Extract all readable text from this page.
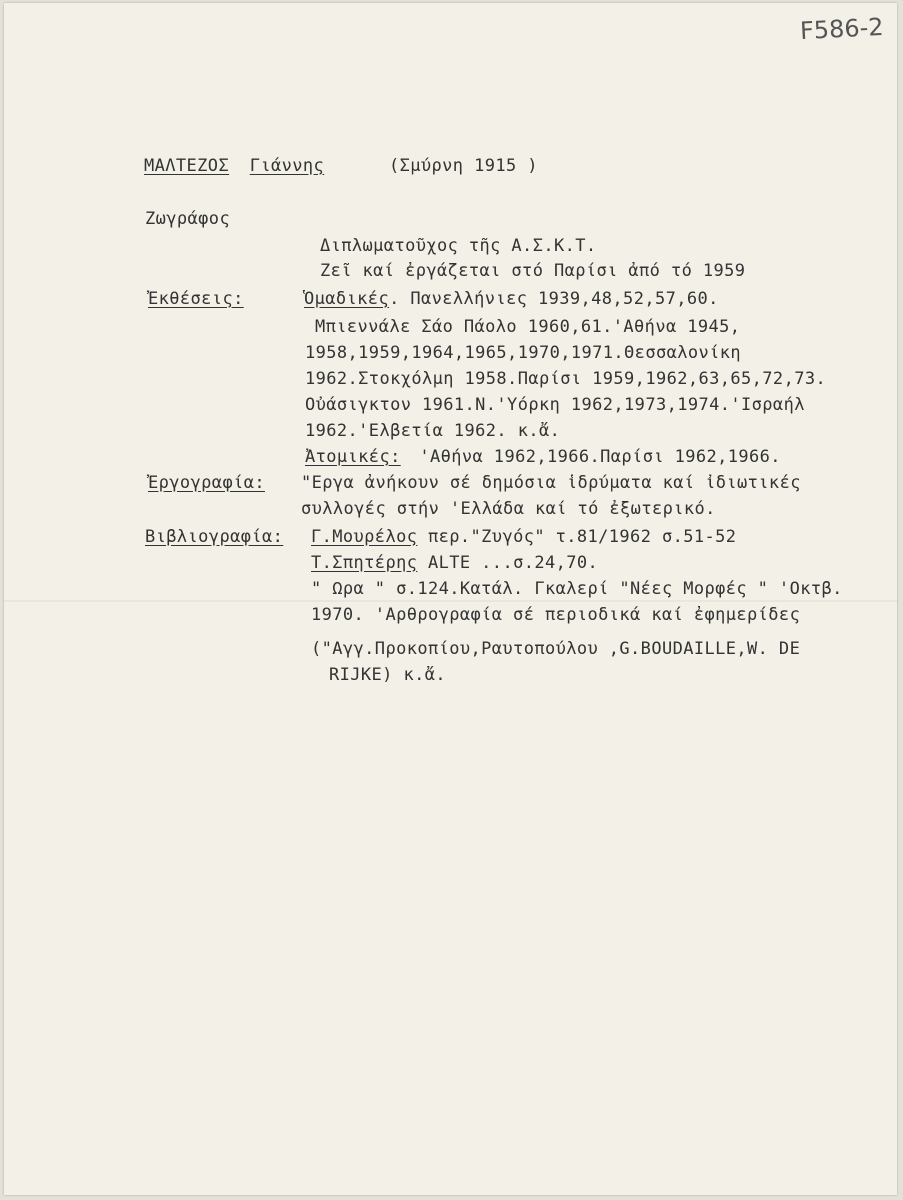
F586-2
ΜΑΛΤΕΖΟΣ Γιάννης	(Σμύρνη 1915 )
Ζωγράφος
Διπλωματοῦχος τῆς Α.Σ.Κ.Τ.
Ζεῖ καί ἐργάζεται στό Παρίσι ἀπό τό 1959
Ἐκθέσεις:	Ὁμαδικές. Πανελλήνιες 1939,48,52,57,60.
Μπιεννάλε Σάο Πάολο 1960,61.'Αθήνα 1945,
1958,1959,1964,1965,1970,1971.Θεσσαλονίκη
1962.Στοκχόλμη 1958.Παρίσι 1959,1962,63,65,72,73.
Οὐάσιγκτον 1961.Ν.'Υόρκη 1962,1973,1974.'Ισραήλ
1962.'Ελβετία 1962. κ.ἄ.
Ἀτομικές: 'Αθήνα 1962,1966.Παρίσι 1962,1966.
Ἐργογραφία: "Εργα ἀνήκουν σέ δημόσια ἱδρύματα καί ἰδιωτικές
συλλογές στήν 'Ελλάδα καί τό ἐξωτερικό.
Βιβλιογραφία: Γ.Μουρέλος περ."Ζυγός" τ.81/1962 σ.51-52
Τ.Σπητέρης ALTE ...σ.24,70.
" Ωρα " σ.124.Κατάλ. Γκαλερί "Νέες Μορφές " 'Οκτβ.
1970. 'Αρθρογραφία σέ περιοδικά καί ἐφημερίδες
("Αγγ.Προκοπίου,Ραυτοπούλου ,G.BOUDAILLE,W. DE
RIJKE) κ.ἄ.
